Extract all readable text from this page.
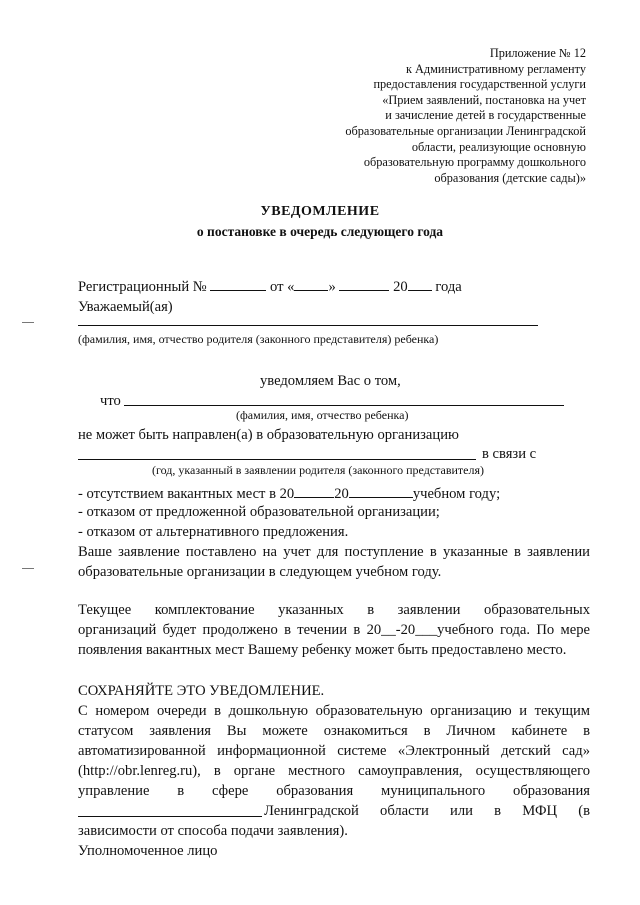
Приложение № 12
к Административному регламенту
предоставления государственной услуги
«Прием заявлений, постановка на учет
и зачисление детей в государственные
образовательные организации Ленинградской
области, реализующие основную
образовательную программу дошкольного
образования (детские сады)»
УВЕДОМЛЕНИЕ
о постановке в очередь следующего года
Регистрационный №	от « »	20 года
Уважаемый(ая)
(фамилия, имя, отчество родителя (законного представителя) ребенка)
уведомляем Вас о том,
что
(фамилия, имя, отчество ребенка)
не может быть направлен(а) в образовательную организацию
в связи с
(год, указанный в заявлении родителя (законного представителя)
- отсутствием вакантных мест в 20	20	учебном году;
- отказом от предложенной образовательной организации;
- отказом от альтернативного предложения.
Ваше заявление поставлено на учет для поступление в указанные в заявлении
образовательные организации в следующем учебном году.
Текущее комплектование указанных в заявлении образовательных
организаций будет продолжено в течении в 20__-20___учебного года. По мере
появления вакантных мест Вашему ребенку может быть предоставлено место.
СОХРАНЯЙТЕ ЭТО УВЕДОМЛЕНИЕ.
С номером очереди в дошкольную образовательную организацию и текущим
статусом заявления Вы можете ознакомиться в Личном кабинете в
автоматизированной информационной системе «Электронный детский сад»
(http://obr.lenreg.ru), в органе местного самоуправления, осуществляющего
управление в сфере образования муниципального образования
Ленинградской области или в МФЦ (в
зависимости от способа подачи заявления).
Уполномоченное лицо
